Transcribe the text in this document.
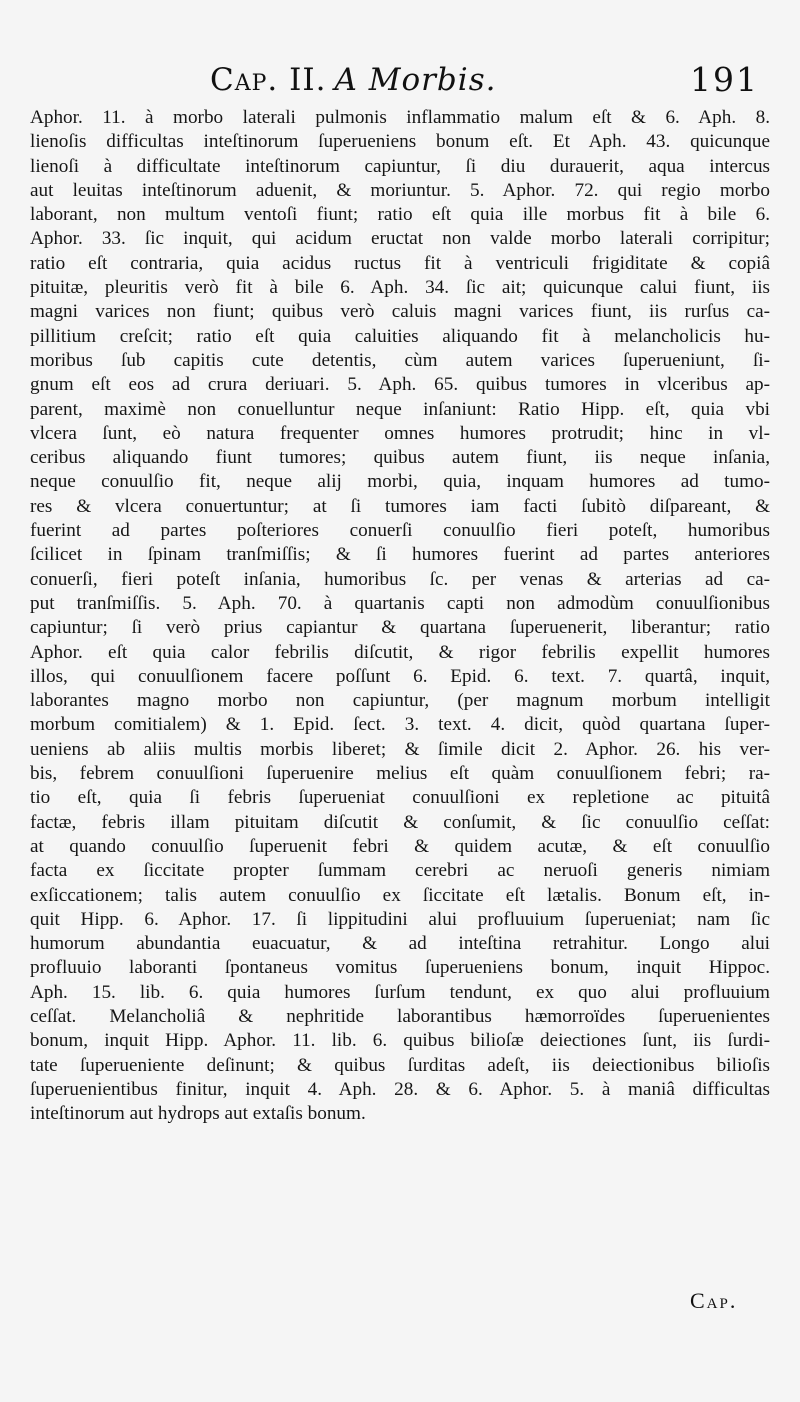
Cap. II. A Morbis.	191
Aphor. 11. à morbo laterali pulmonis inflammatio malum eſt & 6. Aph. 8.
lienoſis difficultas inteſtinorum ſuperueniens bonum eſt. Et Aph. 43. quicunque
lienoſi à difficultate inteſtinorum capiuntur, ſi diu durauerit, aqua intercus
aut leuitas inteſtinorum aduenit, & moriuntur. 5. Aphor. 72. qui regio morbo
laborant, non multum ventoſi fiunt; ratio eſt quia ille morbus fit à bile 6.
Aphor. 33. ſic inquit, qui acidum eructat non valde morbo laterali corripitur;
ratio eſt contraria, quia acidus ructus fit à ventriculi frigiditate & copiâ
pituitæ, pleuritis verò fit à bile 6. Aph. 34. ſic ait; quicunque calui fiunt, iis
magni varices non fiunt; quibus verò caluis magni varices fiunt, iis rurſus ca-
pillitium creſcit; ratio eſt quia caluities aliquando fit à melancholicis hu-
moribus ſub capitis cute detentis, cùm autem varices ſuperueniunt, ſi-
gnum eſt eos ad crura deriuari. 5. Aph. 65. quibus tumores in vlceribus ap-
parent, maximè non conuelluntur neque inſaniunt: Ratio Hipp. eſt, quia vbi
vlcera ſunt, eò natura frequenter omnes humores protrudit; hinc in vl-
ceribus aliquando fiunt tumores; quibus autem fiunt, iis neque inſania,
neque conuulſio fit, neque alij morbi, quia, inquam humores ad tumo-
res & vlcera conuertuntur; at ſi tumores iam facti ſubitò diſpareant, &
fuerint ad partes poſteriores conuerſi conuulſio fieri poteſt, humoribus
ſcilicet in ſpinam tranſmiſſis; & ſi humores fuerint ad partes anteriores
conuerſi, fieri poteſt inſania, humoribus ſc. per venas & arterias ad ca-
put tranſmiſſis. 5. Aph. 70. à quartanis capti non admodùm conuulſionibus
capiuntur; ſi verò prius capiantur & quartana ſuperuenerit, liberantur; ratio
Aphor. eſt quia calor febrilis diſcutit, & rigor febrilis expellit humores
illos, qui conuulſionem facere poſſunt 6. Epid. 6. text. 7. quartâ, inquit,
laborantes magno morbo non capiuntur, (per magnum morbum intelligit
morbum comitialem) & 1. Epid. ſect. 3. text. 4. dicit, quòd quartana ſuper-
ueniens ab aliis multis morbis liberet; & ſimile dicit 2. Aphor. 26. his ver-
bis, febrem conuulſioni ſuperuenire melius eſt quàm conuulſionem febri; ra-
tio eſt, quia ſi febris ſuperueniat conuulſioni ex repletione ac pituitâ
factæ, febris illam pituitam diſcutit & conſumit, & ſic conuulſio ceſſat:
at quando conuulſio ſuperuenit febri & quidem acutæ, & eſt conuulſio
facta ex ſiccitate propter ſummam cerebri ac neruoſi generis nimiam
exſiccationem; talis autem conuulſio ex ſiccitate eſt lætalis. Bonum eſt, in-
quit Hipp. 6. Aphor. 17. ſi lippitudini alui profluuium ſuperueniat; nam ſic
humorum abundantia euacuatur, & ad inteſtina retrahitur. Longo alui
profluuio laboranti ſpontaneus vomitus ſuperueniens bonum, inquit Hippoc.
Aph. 15. lib. 6. quia humores ſurſum tendunt, ex quo alui profluuium
ceſſat. Melancholiâ & nephritide laborantibus hæmorroïdes ſuperuenientes
bonum, inquit Hipp. Aphor. 11. lib. 6. quibus bilioſæ deiectiones ſunt, iis ſurdi-
tate ſuperueniente deſinunt; & quibus ſurditas adeſt, iis deiectionibus bilioſis
ſuperuenientibus finitur, inquit 4. Aph. 28. & 6. Aphor. 5. à maniâ difficultas
inteſtinorum aut hydrops aut extaſis bonum.
Cap.
